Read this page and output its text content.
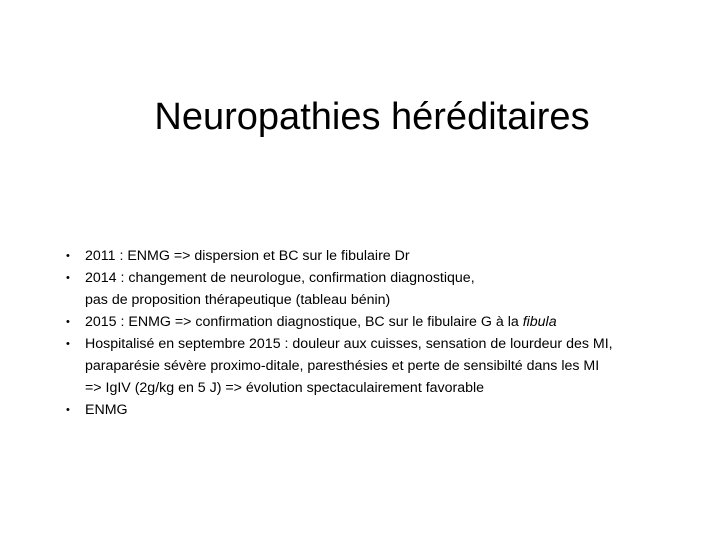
Neuropathies héréditaires
•	2011 : ENMG => dispersion et BC sur le fibulaire Dr
•	2014 : changement de neurologue, confirmation diagnostique,
pas de proposition thérapeutique (tableau bénin)
•	2015 : ENMG => confirmation diagnostique, BC sur le fibulaire G à la fibula
•	Hospitalisé en septembre 2015 : douleur aux cuisses, sensation de lourdeur des MI,
paraparésie sévère proximo-ditale, paresthésies et perte de sensibilté dans les MI
=> IgIV (2g/kg en 5 J) => évolution spectaculairement favorable
•	ENMG
